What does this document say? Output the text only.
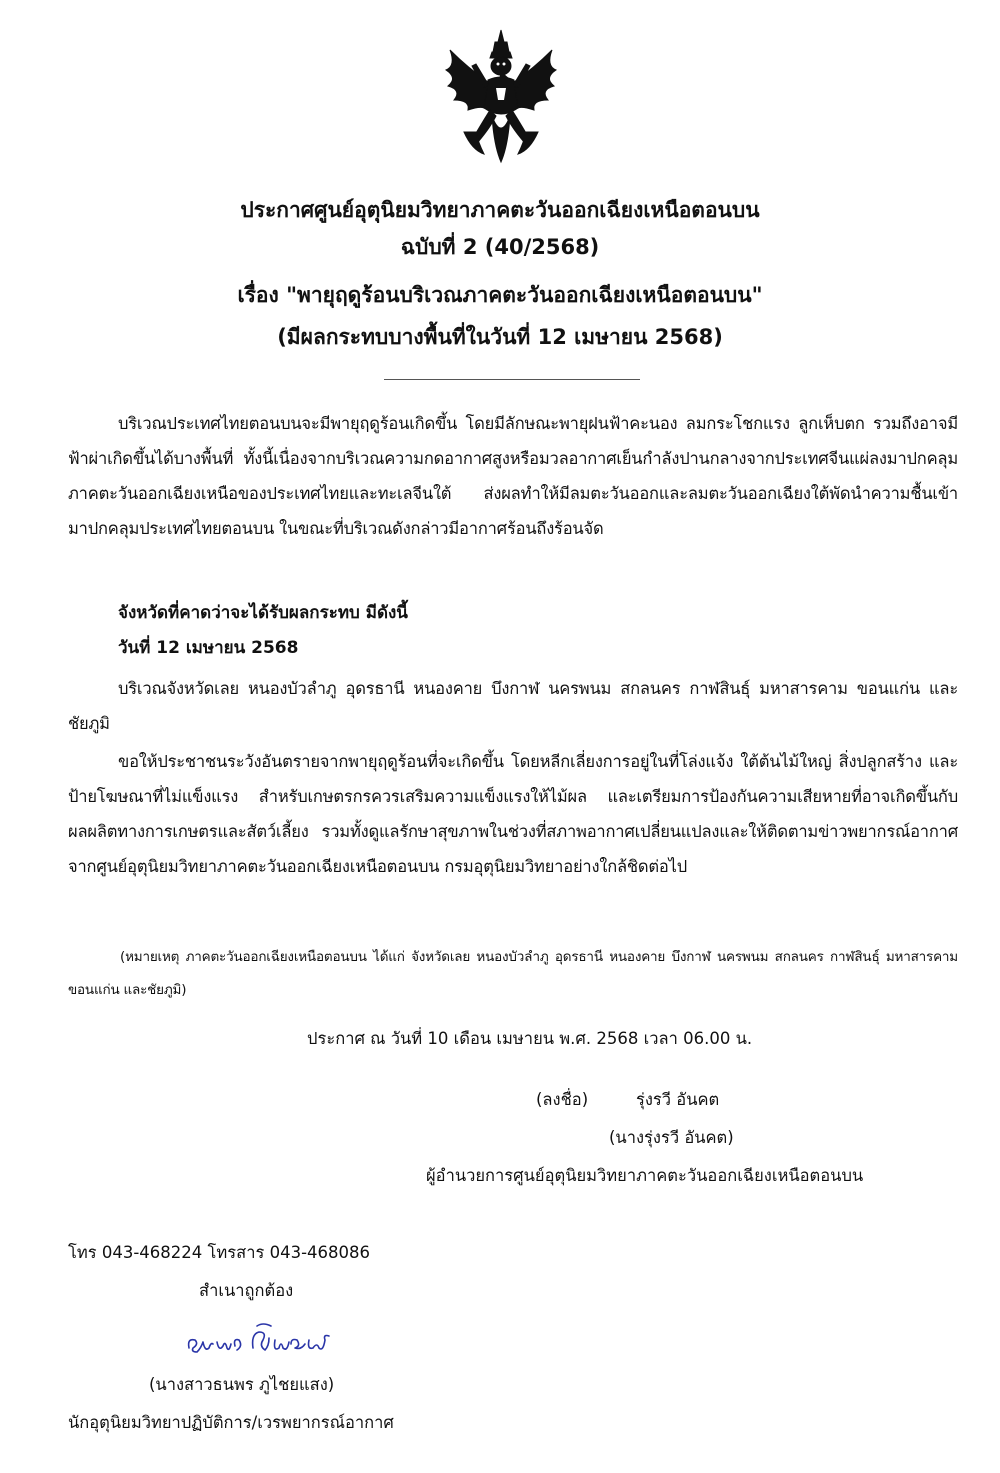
ประกาศศูนย์อุตุนิยมวิทยาภาคตะวันออกเฉียงเหนือตอนบน
ฉบับที่ 2 (40/2568)
เรื่อง "พายุฤดูร้อนบริเวณภาคตะวันออกเฉียงเหนือตอนบน"
(มีผลกระทบบางพื้นที่ในวันที่ 12 เมษายน 2568)
บริเวณประเทศไทยตอนบนจะมีพายุฤดูร้อนเกิดขึ้น โดยมีลักษณะพายุฝนฟ้าคะนอง ลมกระโชกแรง ลูกเห็บตก รวมถึงอาจมีฟ้าผ่าเกิดขึ้นได้บางพื้นที่ ทั้งนี้เนื่องจากบริเวณความกดอากาศสูงหรือมวลอากาศเย็นกำลังปานกลางจากประเทศจีนแผ่ลงมาปกคลุมภาคตะวันออกเฉียงเหนือของประเทศไทยและทะเลจีนใต้ ส่งผลทำให้มีลมตะวันออกและลมตะวันออกเฉียงใต้พัดนำความชื้นเข้ามาปกคลุมประเทศไทยตอนบน ในขณะที่บริเวณดังกล่าวมีอากาศร้อนถึงร้อนจัด
จังหวัดที่คาดว่าจะได้รับผลกระทบ มีดังนี้
วันที่ 12 เมษายน 2568
บริเวณจังหวัดเลย หนองบัวลำภู อุดรธานี หนองคาย บึงกาฬ นครพนม สกลนคร กาฬสินธุ์ มหาสารคาม ขอนแก่น และชัยภูมิ
ขอให้ประชาชนระวังอันตรายจากพายุฤดูร้อนที่จะเกิดขึ้น โดยหลีกเลี่ยงการอยู่ในที่โล่งแจ้ง ใต้ต้นไม้ใหญ่ สิ่งปลูกสร้าง และป้ายโฆษณาที่ไม่แข็งแรง สำหรับเกษตรกรควรเสริมความแข็งแรงให้ไม้ผล และเตรียมการป้องกันความเสียหายที่อาจเกิดขึ้นกับผลผลิตทางการเกษตรและสัตว์เลี้ยง รวมทั้งดูแลรักษาสุขภาพในช่วงที่สภาพอากาศเปลี่ยนแปลงและให้ติดตามข่าวพยากรณ์อากาศจากศูนย์อุตุนิยมวิทยาภาคตะวันออกเฉียงเหนือตอนบน กรมอุตุนิยมวิทยาอย่างใกล้ชิดต่อไป
(หมายเหตุ ภาคตะวันออกเฉียงเหนือตอนบน ได้แก่ จังหวัดเลย หนองบัวลำภู อุดรธานี หนองคาย บึงกาฬ นครพนม สกลนคร กาฬสินธุ์ มหาสารคาม ขอนแก่น และชัยภูมิ)
ประกาศ ณ วันที่ 10 เดือน เมษายน พ.ศ. 2568 เวลา 06.00 น.
(ลงชื่อ)	รุ่งรวี อันคต
(นางรุ่งรวี อันคต)
ผู้อำนวยการศูนย์อุตุนิยมวิทยาภาคตะวันออกเฉียงเหนือตอนบน
โทร 043-468224 โทรสาร 043-468086
สำเนาถูกต้อง
(นางสาวธนพร ภูไชยแสง)
นักอุตุนิยมวิทยาปฏิบัติการ/เวรพยากรณ์อากาศ
